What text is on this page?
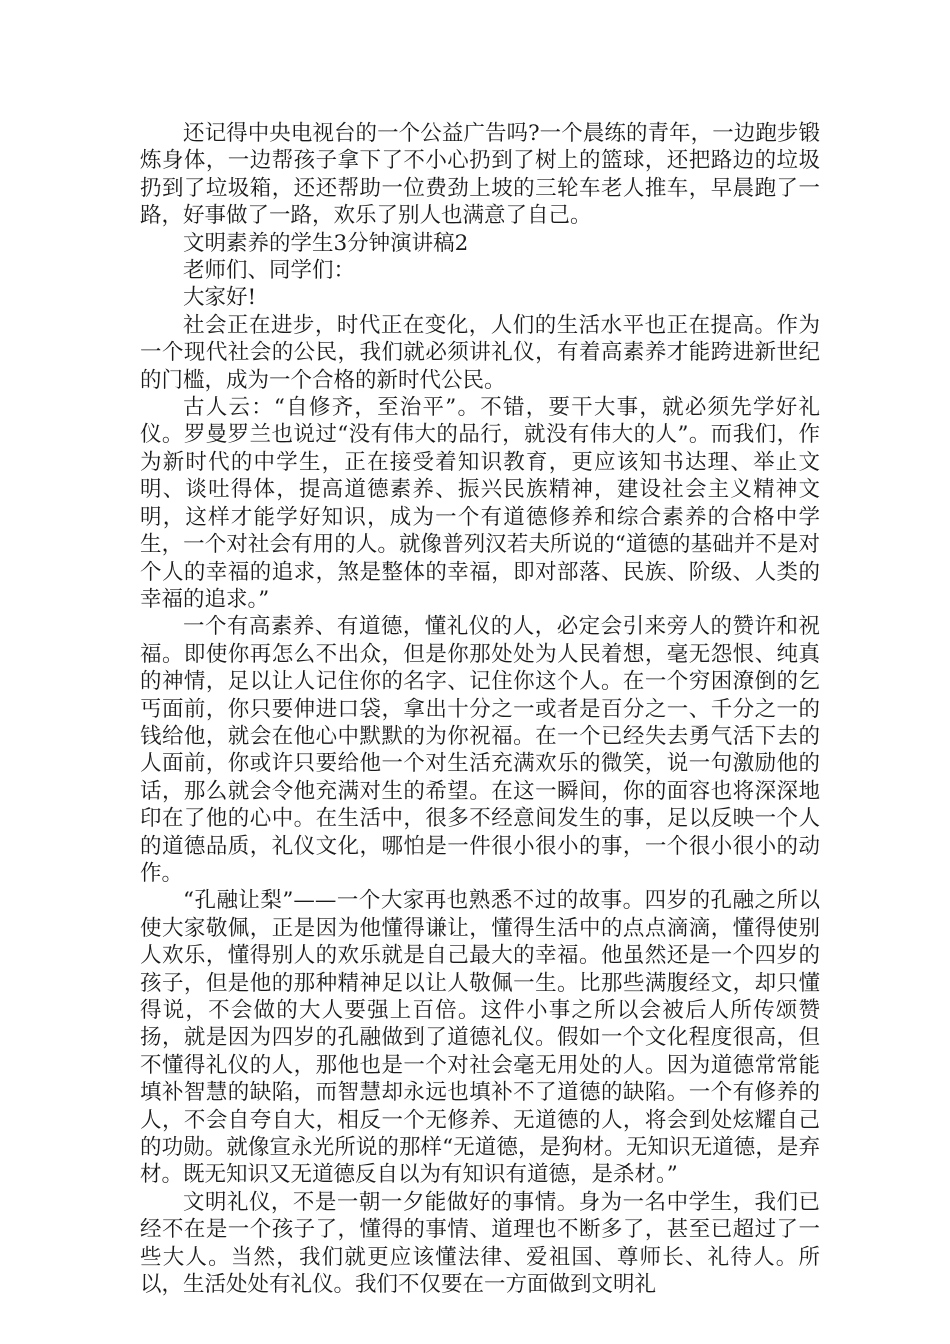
还记得中央电视台的一个公益广告吗?一个晨练的青年，一边跑步锻炼身体，一边帮孩子拿下了不小心扔到了树上的篮球，还把路边的垃圾扔到了垃圾箱，还还帮助一位费劲上坡的三轮车老人推车，早晨跑了一路，好事做了一路，欢乐了别人也满意了自己。

文明素养的学生3分钟演讲稿2

老师们、同学们：

大家好!

社会正在进步，时代正在变化，人们的生活水平也正在提高。作为一个现代社会的公民，我们就必须讲礼仪，有着高素养才能跨进新世纪的门槛，成为一个合格的新时代公民。

古人云：“自修齐，至治平”。不错，要干大事，就必须先学好礼仪。罗曼罗兰也说过“没有伟大的品行，就没有伟大的人”。而我们，作为新时代的中学生，正在接受着知识教育，更应该知书达理、举止文明、谈吐得体，提高道德素养、振兴民族精神，建设社会主义精神文明，这样才能学好知识，成为一个有道德修养和综合素养的合格中学生，一个对社会有用的人。就像普列汉若夫所说的“道德的基础并不是对个人的幸福的追求，煞是整体的幸福，即对部落、民族、阶级、人类的幸福的追求。”

一个有高素养、有道德，懂礼仪的人，必定会引来旁人的赞许和祝福。即使你再怎么不出众，但是你那处处为人民着想，毫无怨恨、纯真的神情，足以让人记住你的名字、记住你这个人。在一个穷困潦倒的乞丐面前，你只要伸进口袋，拿出十分之一或者是百分之一、千分之一的钱给他，就会在他心中默默的为你祝福。在一个已经失去勇气活下去的人面前，你或许只要给他一个对生活充满欢乐的微笑，说一句激励他的话，那么就会令他充满对生的希望。在这一瞬间，你的面容也将深深地印在了他的心中。在生活中，很多不经意间发生的事，足以反映一个人的道德品质，礼仪文化，哪怕是一件很小很小的事，一个很小很小的动作。

“孔融让梨”——一个大家再也熟悉不过的故事。四岁的孔融之所以使大家敬佩，正是因为他懂得谦让，懂得生活中的点点滴滴，懂得使别人欢乐，懂得别人的欢乐就是自己最大的幸福。他虽然还是一个四岁的孩子，但是他的那种精神足以让人敬佩一生。比那些满腹经文，却只懂得说，不会做的大人要强上百倍。这件小事之所以会被后人所传颂赞扬，就是因为四岁的孔融做到了道德礼仪。假如一个文化程度很高，但不懂得礼仪的人，那他也是一个对社会毫无用处的人。因为道德常常能填补智慧的缺陷，而智慧却永远也填补不了道德的缺陷。一个有修养的人，不会自夸自大，相反一个无修养、无道德的人，将会到处炫耀自己的功勋。就像宣永光所说的那样“无道德，是狗材。无知识无道德，是弃材。既无知识又无道德反自以为有知识有道德，是杀材。”

文明礼仪，不是一朝一夕能做好的事情。身为一名中学生，我们已经不在是一个孩子了，懂得的事情、道理也不断多了，甚至已超过了一些大人。当然，我们就更应该懂法律、爱祖国、尊师长、礼待人。所以，生活处处有礼仪。我们不仅要在一方面做到文明礼
